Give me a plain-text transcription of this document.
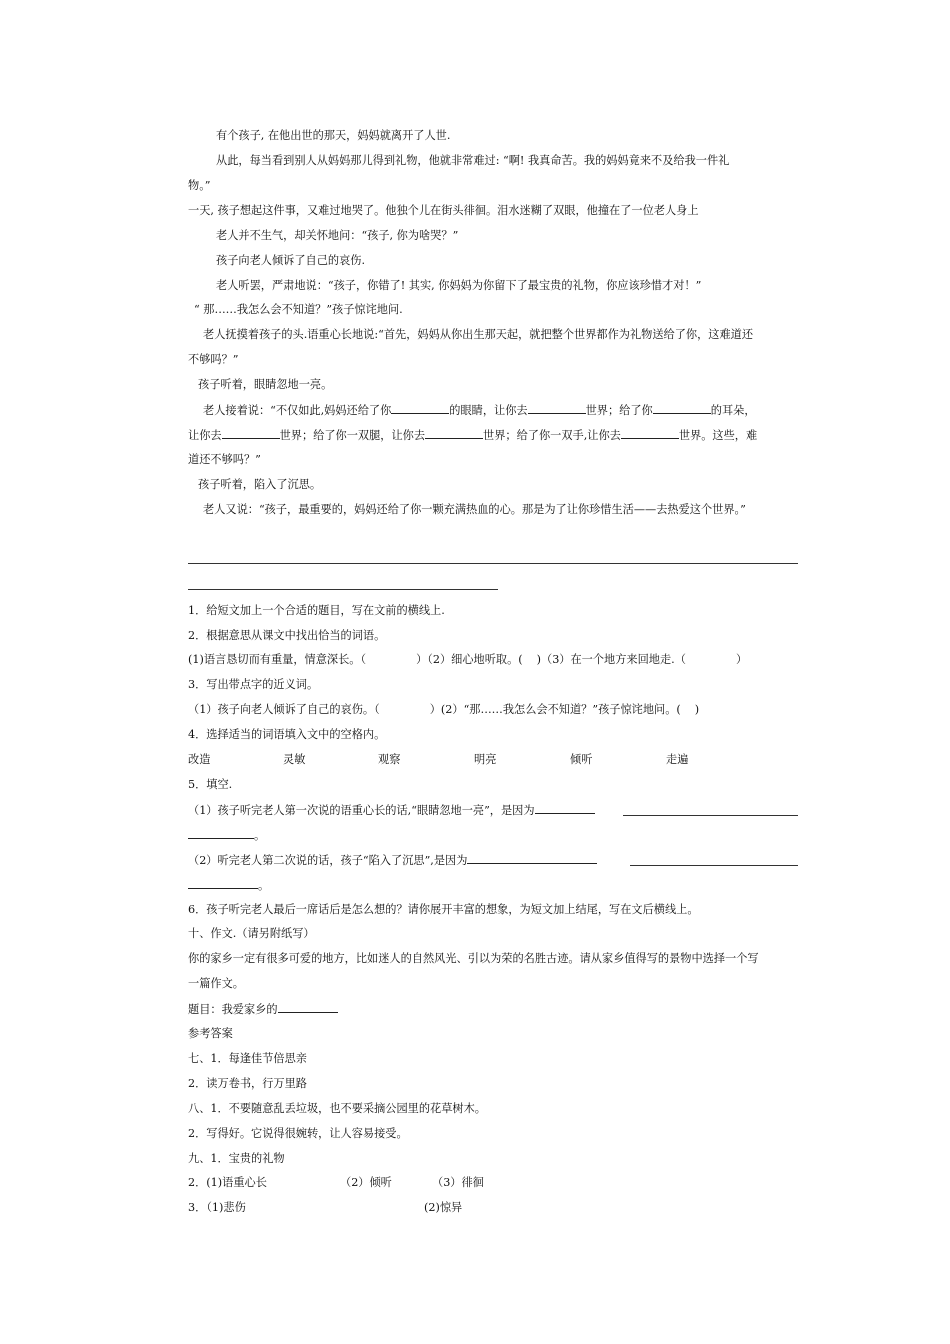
有个孩子, 在他出世的那天，妈妈就离开了人世.
从此，每当看到别人从妈妈那儿得到礼物，他就非常难过: “啊! 我真命苦。我的妈妈竟来不及给我一件礼
物。”
一天, 孩子想起这件事，又难过地哭了。他独个儿在街头徘徊。泪水迷糊了双眼，他撞在了一位老人身上
老人并不生气，却关怀地问：“孩子, 你为啥哭？”
孩子向老人倾诉了自己的哀伤.
老人听罢，严肃地说：“孩子，你错了! 其实, 你妈妈为你留下了最宝贵的礼物，你应该珍惜才对！”
“ 那……我怎么会不知道？”孩子惊诧地问.
老人抚摸着孩子的头.语重心长地说:“首先，妈妈从你出生那天起，就把整个世界都作为礼物送给了你，这难道还
不够吗？”
孩子听着，眼睛忽地一亮。
老人接着说：“不仅如此,妈妈还给了你	的眼睛，让你去	世界；给了你	的耳朵，
让你去	世界；给了你一双腿，让你去	世界；给了你一双手,让你去	世界。这些，难
道还不够吗？”
孩子听着，陷入了沉思。
老人又说：“孩子，最重要的，妈妈还给了你一颗充满热血的心。那是为了让你珍惜生活——去热爱这个世界。”
1．给短文加上一个合适的题目，写在文前的横线上.
2．根据意思从课文中找出恰当的词语。
(1)语言恳切而有重量，情意深长。（	）（2）细心地听取。( )（3）在一个地方来回地走.（	）
3．写出带点字的近义词。
（1）孩子向老人倾诉了自己的哀伤。（	）(2）“那……我怎么会不知道？”孩子惊诧地问。( )
4．选择适当的词语填入文中的空格内。
改造	灵敏	观察	明亮	倾听	走遍
5．填空.
（1）孩子听完老人第一次说的语重心长的话,“眼睛忽地一亮”，是因为
。
（2）听完老人第二次说的话，孩子“陷入了沉思”,是因为
。
6．孩子听完老人最后一席话后是怎么想的？请你展开丰富的想象，为短文加上结尾，写在文后横线上。
十、作文.（请另附纸写）
你的家乡一定有很多可爱的地方，比如迷人的自然风光、引以为荣的名胜古迹。请从家乡值得写的景物中选择一个写
一篇作文。
题目：我爱家乡的
参考答案
七、1．每逢佳节倍思亲
2．读万卷书，行万里路
八、1．不要随意乱丢垃圾，也不要采摘公园里的花草树木。
2．写得好。它说得很婉转，让人容易接受。
九、1．宝贵的礼物
2．(1)语重心长	（2）倾听	（3）徘徊
3．（1)悲伤	(2)惊异
